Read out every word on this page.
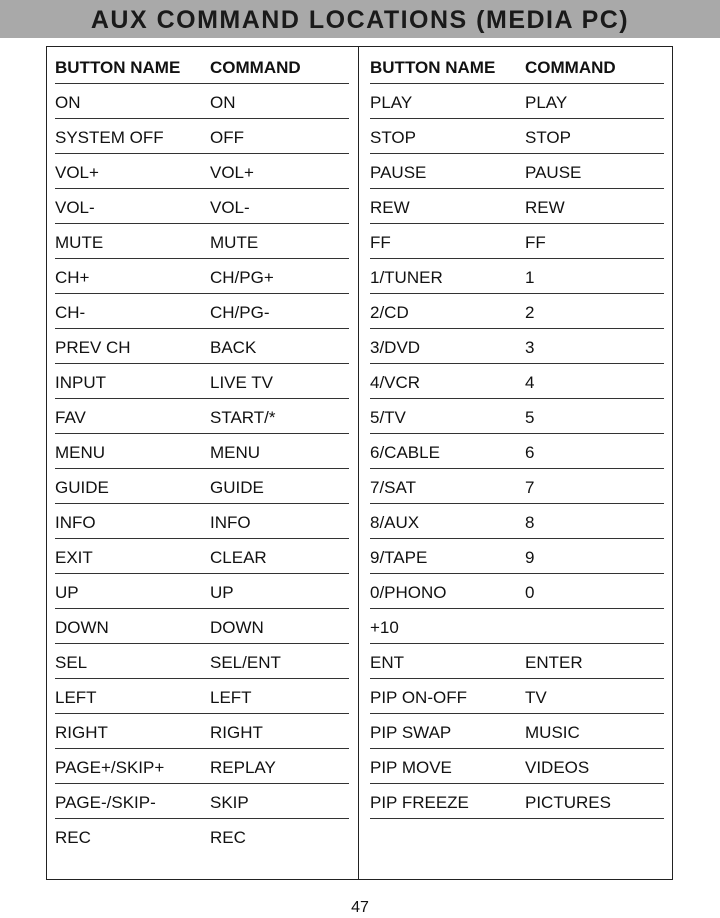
AUX COMMAND LOCATIONS (MEDIA PC)
BUTTON NAME COMMAND
ON	ON
SYSTEM OFF	OFF
VOL+	VOL+
VOL-	VOL-
MUTE	MUTE
CH+	CH/PG+
CH-	CH/PG-
PREV CH	BACK
INPUT	LIVE TV
FAV	START/*
MENU	MENU
GUIDE	GUIDE
INFO	INFO
EXIT	CLEAR
UP	UP
DOWN	DOWN
SEL	SEL/ENT
LEFT	LEFT
RIGHT	RIGHT
PAGE+/SKIP+	REPLAY
PAGE-/SKIP-	SKIP
REC	REC
BUTTON NAME COMMAND
PLAY	PLAY
STOP	STOP
PAUSE	PAUSE
REW	REW
FF	FF
1/TUNER	1
2/CD	2
3/DVD	3
4/VCR	4
5/TV	5
6/CABLE	6
7/SAT	7
8/AUX	8
9/TAPE	9
0/PHONO	0
+10
ENT	ENTER
PIP ON-OFF	TV
PIP SWAP	MUSIC
PIP MOVE	VIDEOS
PIP FREEZE	PICTURES
47
